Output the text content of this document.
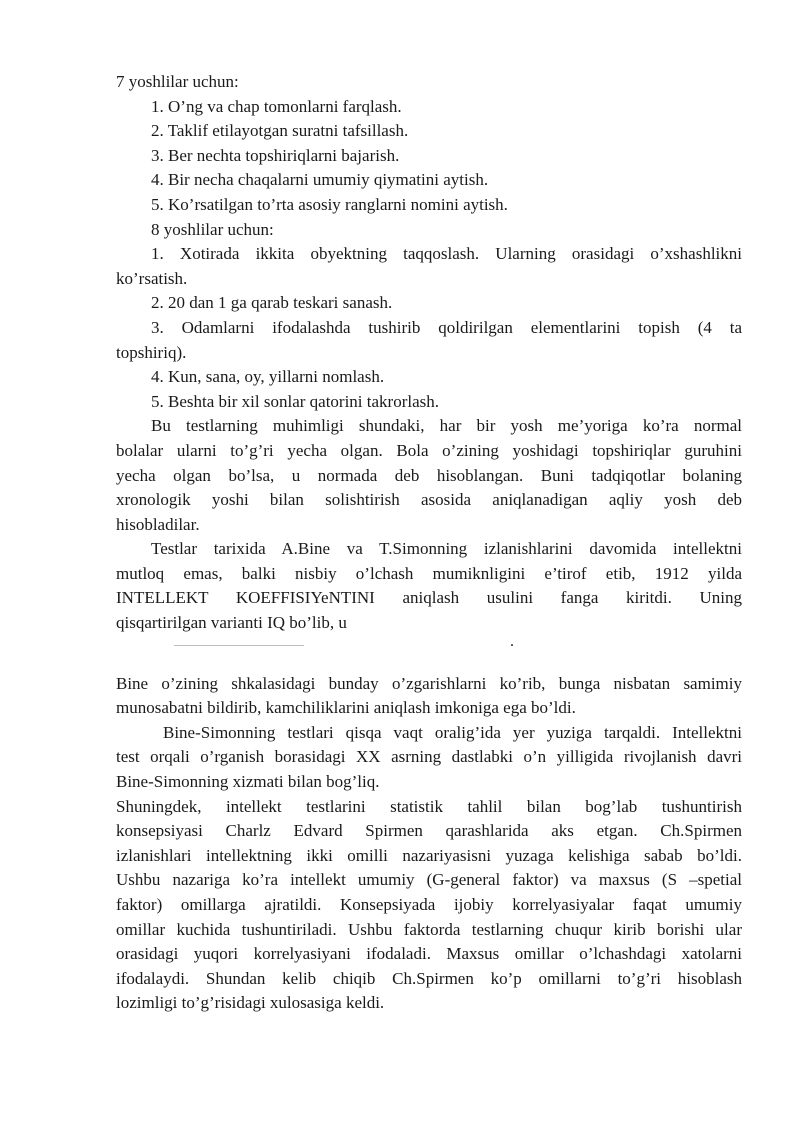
7 yoshlilar uchun:
1. O’ng va chap tomonlarni farqlash.
2. Taklif etilayotgan suratni tafsillash.
3. Ber nechta topshiriqlarni bajarish.
4. Bir necha chaqalarni umumiy qiymatini aytish.
5. Ko’rsatilgan to’rta asosiy ranglarni nomini aytish.
8 yoshlilar uchun:
1. Xotirada ikkita obyektning taqqoslash. Ularning orasidagi o’xshashlikni
ko’rsatish.
2. 20 dan 1 ga qarab teskari sanash.
3. Odamlarni ifodalashda tushirib qoldirilgan elementlarini topish (4 ta
topshiriq).
4. Kun, sana, oy, yillarni nomlash.
5. Beshta bir xil sonlar qatorini takrorlash.
Bu testlarning muhimligi shundaki, har bir yosh me’yoriga ko’ra normal
bolalar ularni to’g’ri yecha olgan. Bola o’zining yoshidagi topshiriqlar guruhini
yecha olgan bo’lsa, u normada deb hisoblangan. Buni tadqiqotlar bolaning
xronologik yoshi bilan solishtirish asosida aniqlanadigan aqliy yosh deb
hisobladilar.
Testlar tarixida A.Bine va T.Simonning izlanishlarini davomida intellektni
mutloq emas, balki nisbiy o’lchash mumiknligini e’tirof etib, 1912 yilda
INTELLEKT KOEFFISIYeNTINI aniqlash usulini fanga kiritdi. Uning
qisqartirilgan varianti IQ bo’lib, u
.
Bine o’zining shkalasidagi bunday o’zgarishlarni ko’rib, bunga nisbatan samimiy
munosabatni bildirib, kamchiliklarini aniqlash imkoniga ega bo’ldi.
Bine-Simonning testlari qisqa vaqt oralig’ida yer yuziga tarqaldi. Intellektni
test orqali o’rganish borasidagi XX asrning dastlabki o’n yilligida rivojlanish davri
Bine-Simonning xizmati bilan bog’liq.
Shuningdek, intellekt testlarini statistik tahlil bilan bog’lab tushuntirish
konsepsiyasi Charlz Edvard Spirmen qarashlarida aks etgan. Ch.Spirmen
izlanishlari intellektning ikki omilli nazariyasisni yuzaga kelishiga sabab bo’ldi.
Ushbu nazariga ko’ra intellekt umumiy (G-general faktor) va maxsus (S –spetial
faktor) omillarga ajratildi. Konsepsiyada ijobiy korrelyasiyalar faqat umumiy
omillar kuchida tushuntiriladi. Ushbu faktorda testlarning chuqur kirib borishi ular
orasidagi yuqori korrelyasiyani ifodaladi. Maxsus omillar o’lchashdagi xatolarni
ifodalaydi. Shundan kelib chiqib Ch.Spirmen ko’p omillarni to’g’ri hisoblash
lozimligi to’g’risidagi xulosasiga keldi.
